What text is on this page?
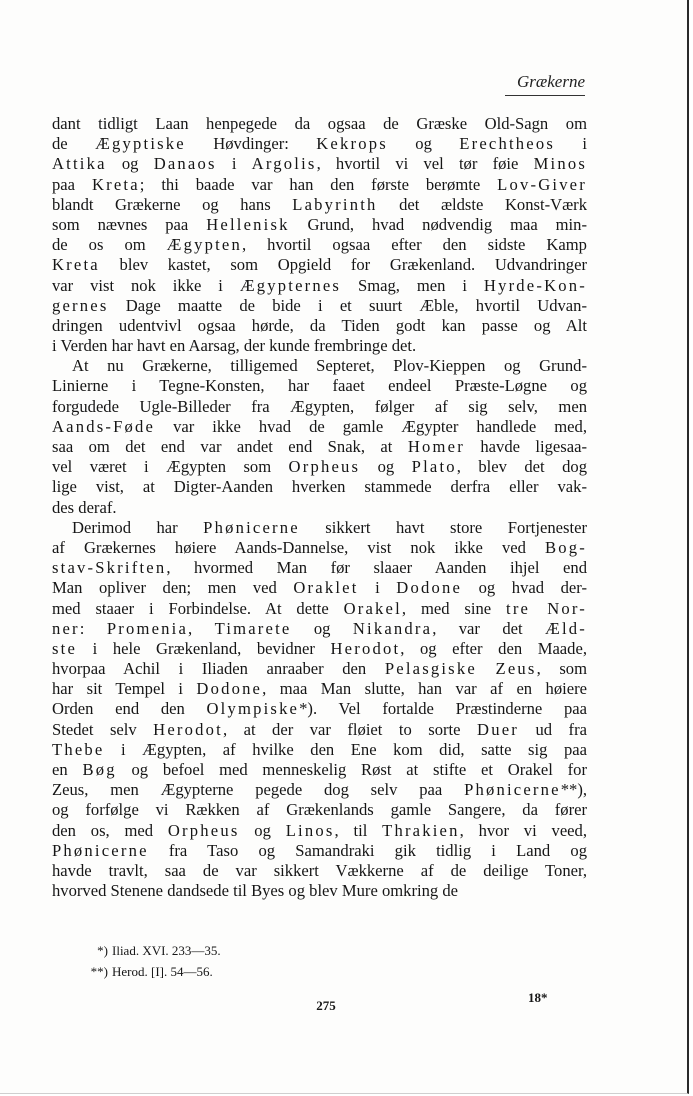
Grækerne
dant tidligt Laan henpegede da ogsaa de Græske Old-Sagn om
de Ægyptiske Høvdinger: Kekrops og Erechtheos i
Attika og Danaos i Argolis, hvortil vi vel tør føie Minos
paa Kreta; thi baade var han den første berømte Lov-Giver
blandt Grækerne og hans Labyrinth det ældste Konst-Værk
som nævnes paa Hellenisk Grund, hvad nødvendig maa min-
de os om Ægypten, hvortil ogsaa efter den sidste Kamp
Kreta blev kastet, som Opgield for Grækenland. Udvandringer
var vist nok ikke i Ægypternes Smag, men i Hyrde-Kon-
gernes Dage maatte de bide i et suurt Æble, hvortil Udvan-
dringen udentvivl ogsaa hørde, da Tiden godt kan passe og Alt
i Verden har havt en Aarsag, der kunde frembringe det.
At nu Grækerne, tilligemed Septeret, Plov-Kieppen og Grund-
Linierne i Tegne-Konsten, har faaet endeel Præste-Løgne og
forgudede Ugle-Billeder fra Ægypten, følger af sig selv, men
Aands-Føde var ikke hvad de gamle Ægypter handlede med,
saa om det end var andet end Snak, at Homer havde ligesaa-
vel været i Ægypten som Orpheus og Plato, blev det dog
lige vist, at Digter-Aanden hverken stammede derfra eller vak-
des deraf.
Derimod har Phønicerne sikkert havt store Fortjenester
af Grækernes høiere Aands-Dannelse, vist nok ikke ved Bog-
stav-Skriften, hvormed Man før slaaer Aanden ihjel end
Man opliver den; men ved Oraklet i Dodone og hvad der-
med staaer i Forbindelse. At dette Orakel, med sine tre Nor-
ner: Promenia, Timarete og Nikandra, var det Æld-
ste i hele Grækenland, bevidner Herodot, og efter den Maade,
hvorpaa Achil i Iliaden anraaber den Pelasgiske Zeus, som
har sit Tempel i Dodone, maa Man slutte, han var af en høiere
Orden end den Olympiske*). Vel fortalde Præstinderne paa
Stedet selv Herodot, at der var fløiet to sorte Duer ud fra
Thebe i Ægypten, af hvilke den Ene kom did, satte sig paa
en Bøg og befoel med menneskelig Røst at stifte et Orakel for
Zeus, men Ægypterne pegede dog selv paa Phønicerne**),
og forfølge vi Rækken af Grækenlands gamle Sangere, da fører
den os, med Orpheus og Linos, til Thrakien, hvor vi veed,
Phønicerne fra Taso og Samandraki gik tidlig i Land og
havde travlt, saa de var sikkert Vækkerne af de deilige Toner,
hvorved Stenene dandsede til Byes og blev Mure omkring de
*) Iliad. XVI. 233—35.
**) Herod. [I]. 54—56.
275
18*
